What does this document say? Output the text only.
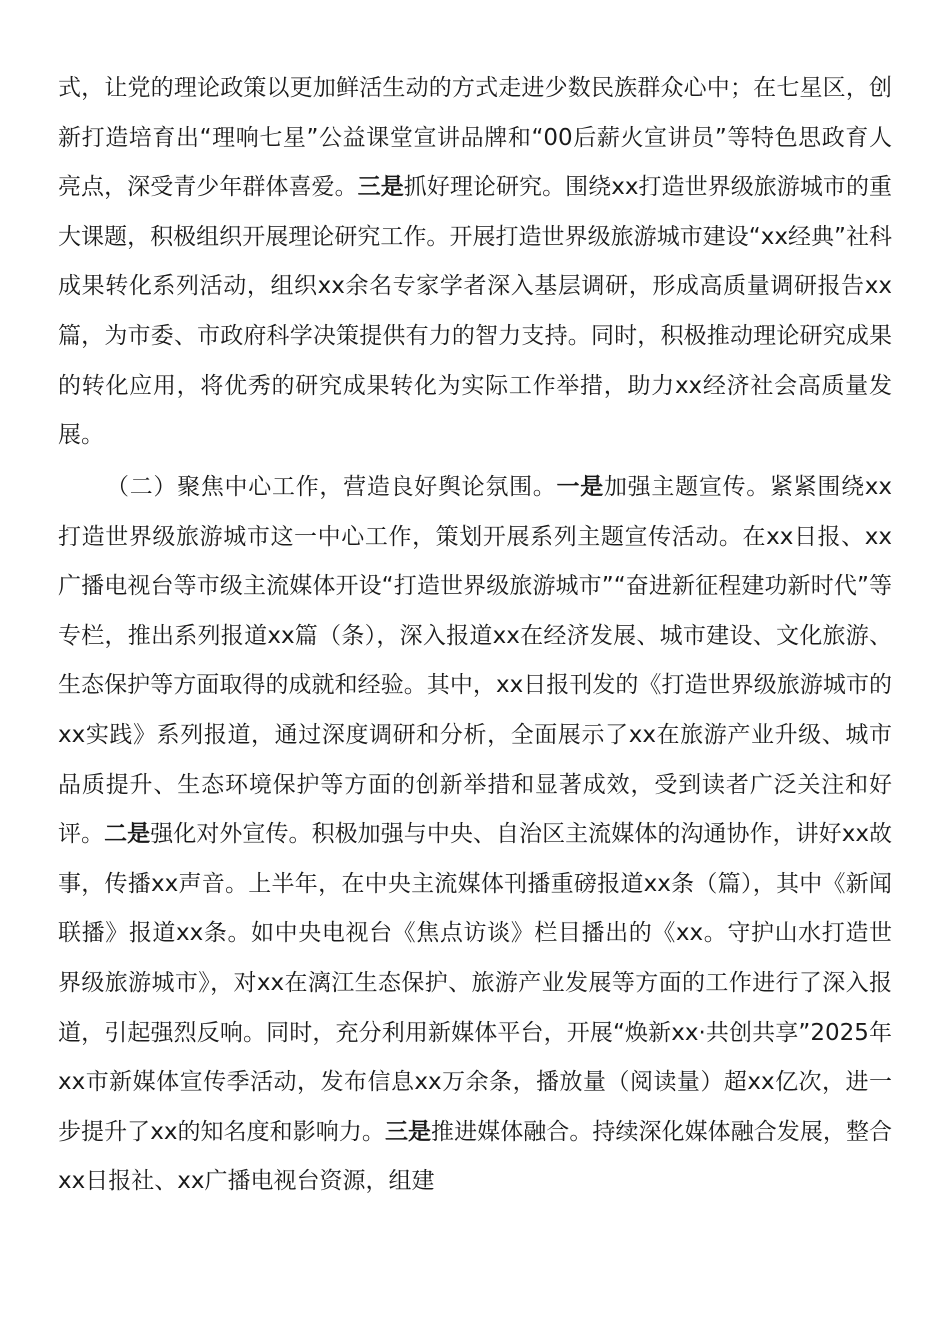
式，让党的理论政策以更加鲜活生动的方式走进少数民族群众心中；在七星区，创新打造培育出“理响七星”公益课堂宣讲品牌和“00后薪火宣讲员”等特色思政育人亮点，深受青少年群体喜爱。三是抓好理论研究。围绕xx打造世界级旅游城市的重大课题，积极组织开展理论研究工作。开展打造世界级旅游城市建设“xx经典”社科成果转化系列活动，组织xx余名专家学者深入基层调研，形成高质量调研报告xx篇，为市委、市政府科学决策提供有力的智力支持。同时，积极推动理论研究成果的转化应用，将优秀的研究成果转化为实际工作举措，助力xx经济社会高质量发展。

（二）聚焦中心工作，营造良好舆论氛围。一是加强主题宣传。紧紧围绕xx打造世界级旅游城市这一中心工作，策划开展系列主题宣传活动。在xx日报、xx广播电视台等市级主流媒体开设“打造世界级旅游城市”“奋进新征程建功新时代”等专栏，推出系列报道xx篇（条），深入报道xx在经济发展、城市建设、文化旅游、生态保护等方面取得的成就和经验。其中，xx日报刊发的《打造世界级旅游城市的xx实践》系列报道，通过深度调研和分析，全面展示了xx在旅游产业升级、城市品质提升、生态环境保护等方面的创新举措和显著成效，受到读者广泛关注和好评。二是强化对外宣传。积极加强与中央、自治区主流媒体的沟通协作，讲好xx故事，传播xx声音。上半年，在中央主流媒体刊播重磅报道xx条（篇），其中《新闻联播》报道xx条。如中央电视台《焦点访谈》栏目播出的《xx。守护山水打造世界级旅游城市》，对xx在漓江生态保护、旅游产业发展等方面的工作进行了深入报道，引起强烈反响。同时，充分利用新媒体平台，开展“焕新xx·共创共享”2025年xx市新媒体宣传季活动，发布信息xx万余条，播放量（阅读量）超xx亿次，进一步提升了xx的知名度和影响力。三是推进媒体融合。持续深化媒体融合发展，整合xx日报社、xx广播电视台资源，组建
